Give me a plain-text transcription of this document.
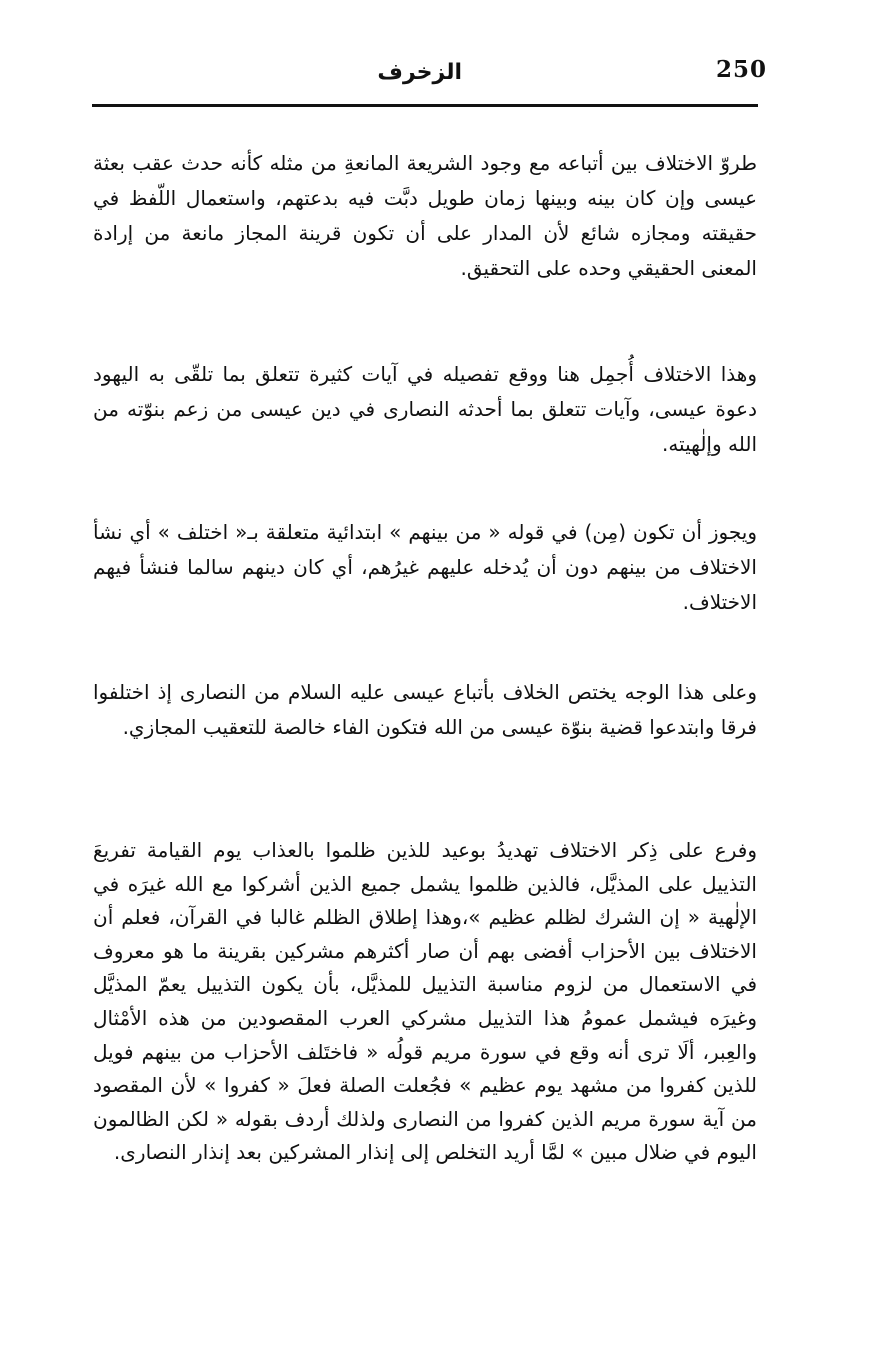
250
الزخرف

طروّ الاختلاف بين أتباعه مع وجود الشريعة المانعةِ من مثله كأنه حدث عقب بعثة عيسى وإن كان بينه وبينها زمان طويل دبَّت فيه بدعتهم، واستعمال اللّفظ في حقيقته ومجازه شائع لأن المدار على أن تكون قرينة المجاز مانعة من إرادة المعنى الحقيقي وحده على التحقيق.

وهذا الاختلاف أُجمِل هنا ووقع تفصيله في آيات كثيرة تتعلق بما تلقّى به اليهود دعوة عيسى، وآيات تتعلق بما أحدثه النصارى في دين عيسى من زعم بنوّته من الله وإلٰهيته.

ويجوز أن تكون (مِن) في قوله « من بينهم » ابتدائية متعلقة بـ« اختلف » أي نشأ الاختلاف من بينهم دون أن يُدخله عليهم غيرُهم، أي كان دينهم سالما فنشأ فيهم الاختلاف.

وعلى هذا الوجه يختص الخلاف بأتباع عيسى عليه السلام من النصارى إذ اختلفوا فرقا وابتدعوا قضية بنوّة عيسى من الله فتكون الفاء خالصة للتعقيب المجازي.

وفرع على ذِكر الاختلاف تهديدُ بوعيد للذين ظلموا بالعذاب يوم القيامة تفريعَ التذييل على المذيَّل، فالذين ظلموا يشمل جميع الذين أشركوا مع الله غيرَه في الإلٰهية « إن الشرك لظلم عظيم »،وهذا إطلاق الظلم غالبا في القرآن، فعلم أن الاختلاف بين الأحزاب أفضى بهم أن صار أكثرهم مشركين بقرينة ما هو معروف في الاستعمال من لزوم مناسبة التذييل للمذيَّل، بأن يكون التذييل يعمّ المذيَّل وغيرَه فيشمل عمومُ هذا التذييل مشركي العرب المقصودين من هذه الأمْثال والعِبر، ألَا ترى أنه وقع في سورة مريم قولُه « فاختَلف الأحزاب من بينهم فويل للذين كفروا من مشهد يوم عظيم » فجُعلت الصلة فعلَ « كفروا » لأن المقصود من آية سورة مريم الذين كفروا من النصارى ولذلك أردف بقوله « لكن الظالمون اليوم في ضلال مبين » لمَّا أريد التخلص إلى إنذار المشركين بعد إنذار النصارى.
